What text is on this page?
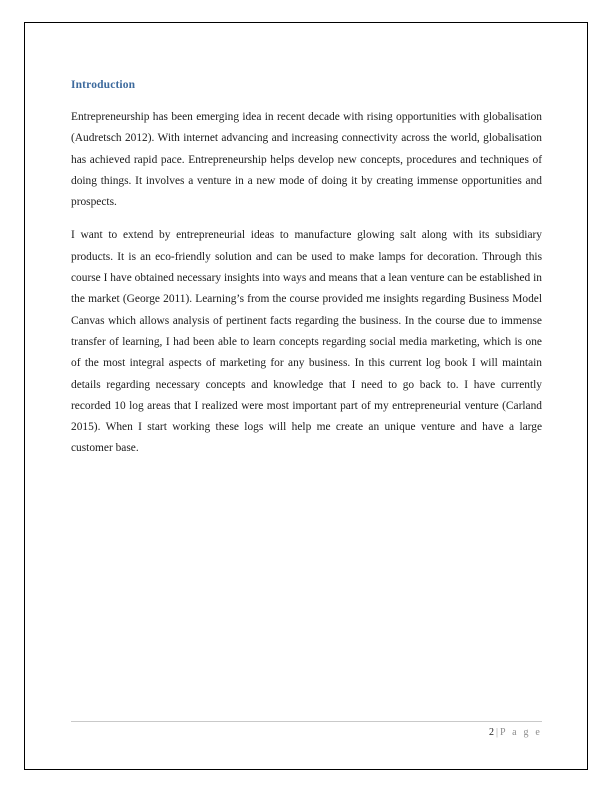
Introduction

Entrepreneurship has been emerging idea in recent decade with rising opportunities with globalisation (Audretsch 2012). With internet advancing and increasing connectivity across the world, globalisation has achieved rapid pace. Entrepreneurship helps develop new concepts, procedures and techniques of doing things. It involves a venture in a new mode of doing it by creating immense opportunities and prospects.

I want to extend by entrepreneurial ideas to manufacture glowing salt along with its subsidiary products. It is an eco-friendly solution and can be used to make lamps for decoration. Through this course I have obtained necessary insights into ways and means that a lean venture can be established in the market (George 2011). Learning’s from the course provided me insights regarding Business Model Canvas which allows analysis of pertinent facts regarding the business. In the course due to immense transfer of learning, I had been able to learn concepts regarding social media marketing, which is one of the most integral aspects of marketing for any business. In this current log book I will maintain details regarding necessary concepts and knowledge that I need to go back to. I have currently recorded 10 log areas that I realized were most important part of my entrepreneurial venture (Carland 2015). When I start working these logs will help me create an unique venture and have a large customer base.

2 | P a g e
